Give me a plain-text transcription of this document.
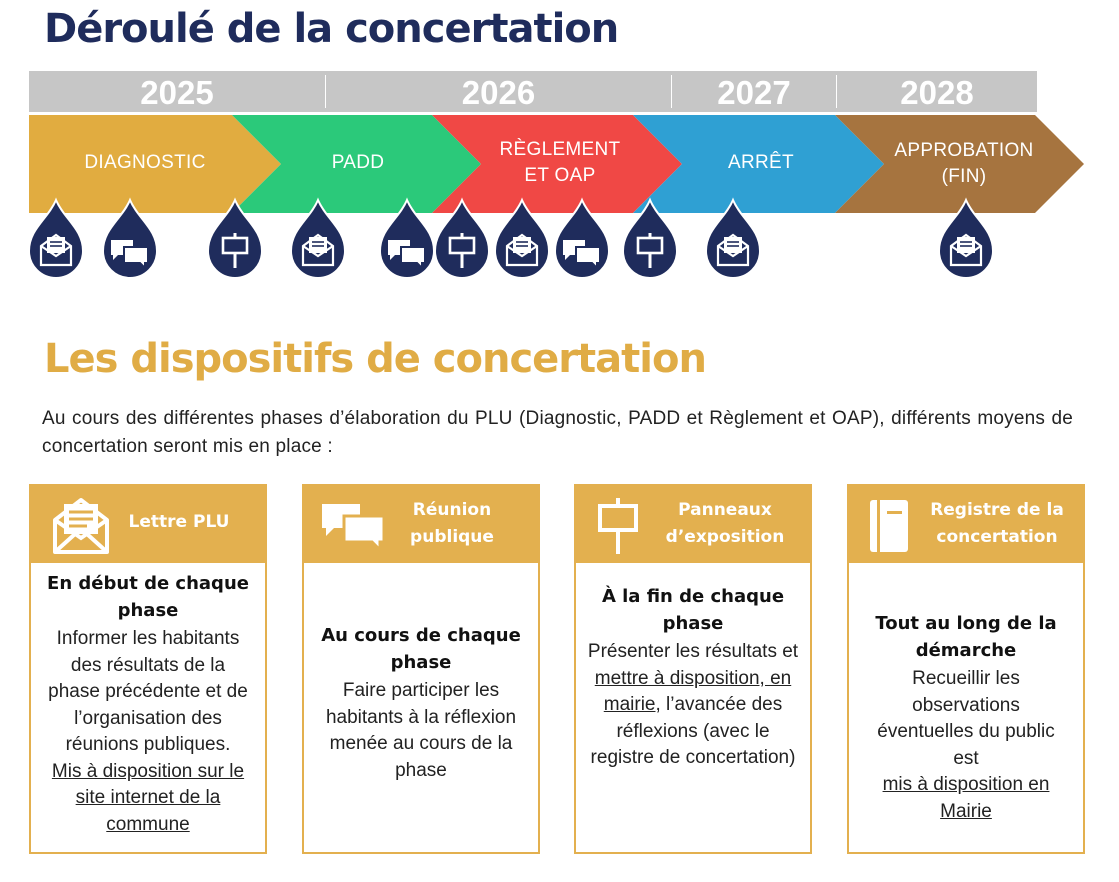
Déroulé de la concertation
2025	2026	2027	2028
DIAGNOSTIC	PADD
RÈGLEMENT
ET OAP
ARRÊT
APPROBATION
(FIN)
Les dispositifs de concertation
Au cours des différentes phases d’élaboration du PLU (Diagnostic, PADD et Règlement et OAP), différents moyens de concertation seront mis en place :
Lettre PLU
En début de chaque phase
Informer les habitants des résultats de la phase précédente et de l’organisation des réunions publiques.
Mis à disposition sur le site internet de la commune
Réunion
publique
Au cours de chaque phase
Faire participer les habitants à la réflexion menée au cours de la phase
Panneaux
d’exposition
À la fin de chaque phase
Présenter les résultats et mettre à disposition, en mairie, l’avancée des réflexions (avec le registre de concertation)
Registre de la
concertation
Tout au long de la démarche
Recueillir les observations éventuelles du public est
mis à disposition en Mairie
